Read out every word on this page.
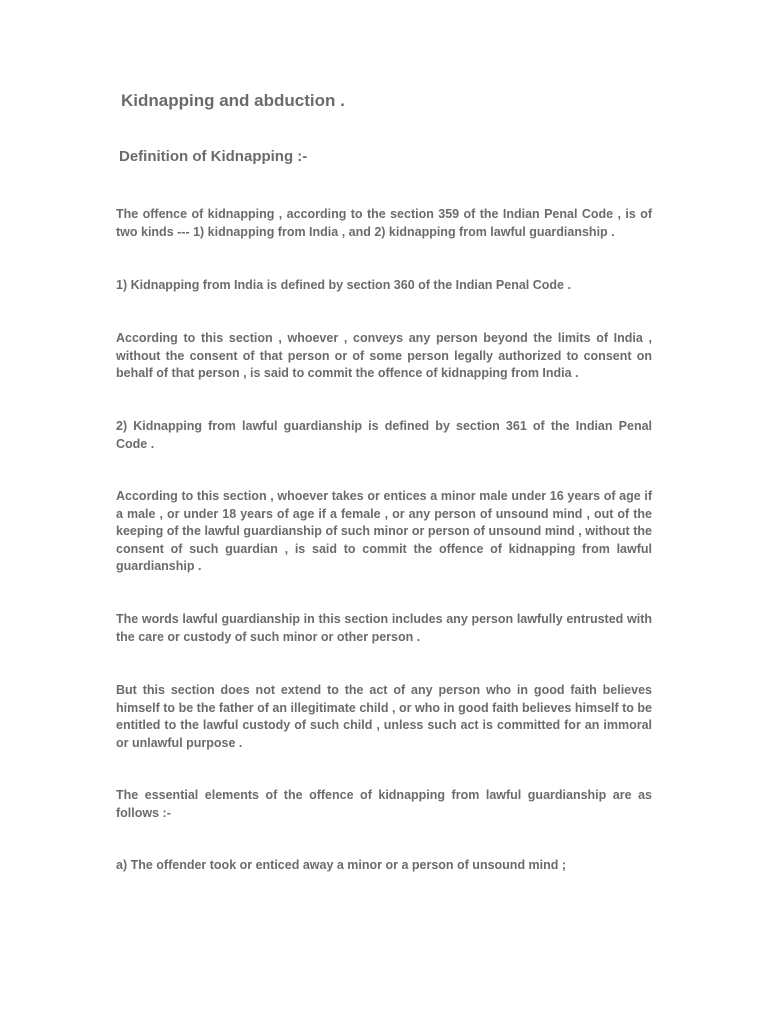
Kidnapping and abduction .
Definition of Kidnapping :-

The offence of kidnapping , according to the section 359 of the Indian Penal Code , is of two kinds --- 1) kidnapping from India , and 2) kidnapping from lawful guardianship .

1) Kidnapping from India is defined by section 360 of the Indian Penal Code .

According to this section , whoever , conveys any person beyond the limits of India , without the consent of that person or of some person legally authorized to consent on behalf of that person , is said to commit the offence of kidnapping from India .

2) Kidnapping from lawful guardianship is defined by section 361 of the Indian Penal Code .

According to this section , whoever takes or entices a minor male under 16 years of age if a male , or under 18 years of age if a female , or any person of unsound mind , out of the keeping of the lawful guardianship of such minor or person of unsound mind , without the consent of such guardian , is said to commit the offence of kidnapping from lawful guardianship .

The words lawful guardianship in this section includes any person lawfully entrusted with the care or custody of such minor or other person .

But this section does not extend to the act of any person who in good faith believes himself to be the father of an illegitimate child , or who in good faith believes himself to be entitled to the lawful custody of such child , unless such act is committed for an immoral or unlawful purpose .

The essential elements of the offence of kidnapping from lawful guardianship are as follows :-

a) The offender took or enticed away a minor or a person of unsound mind ;
